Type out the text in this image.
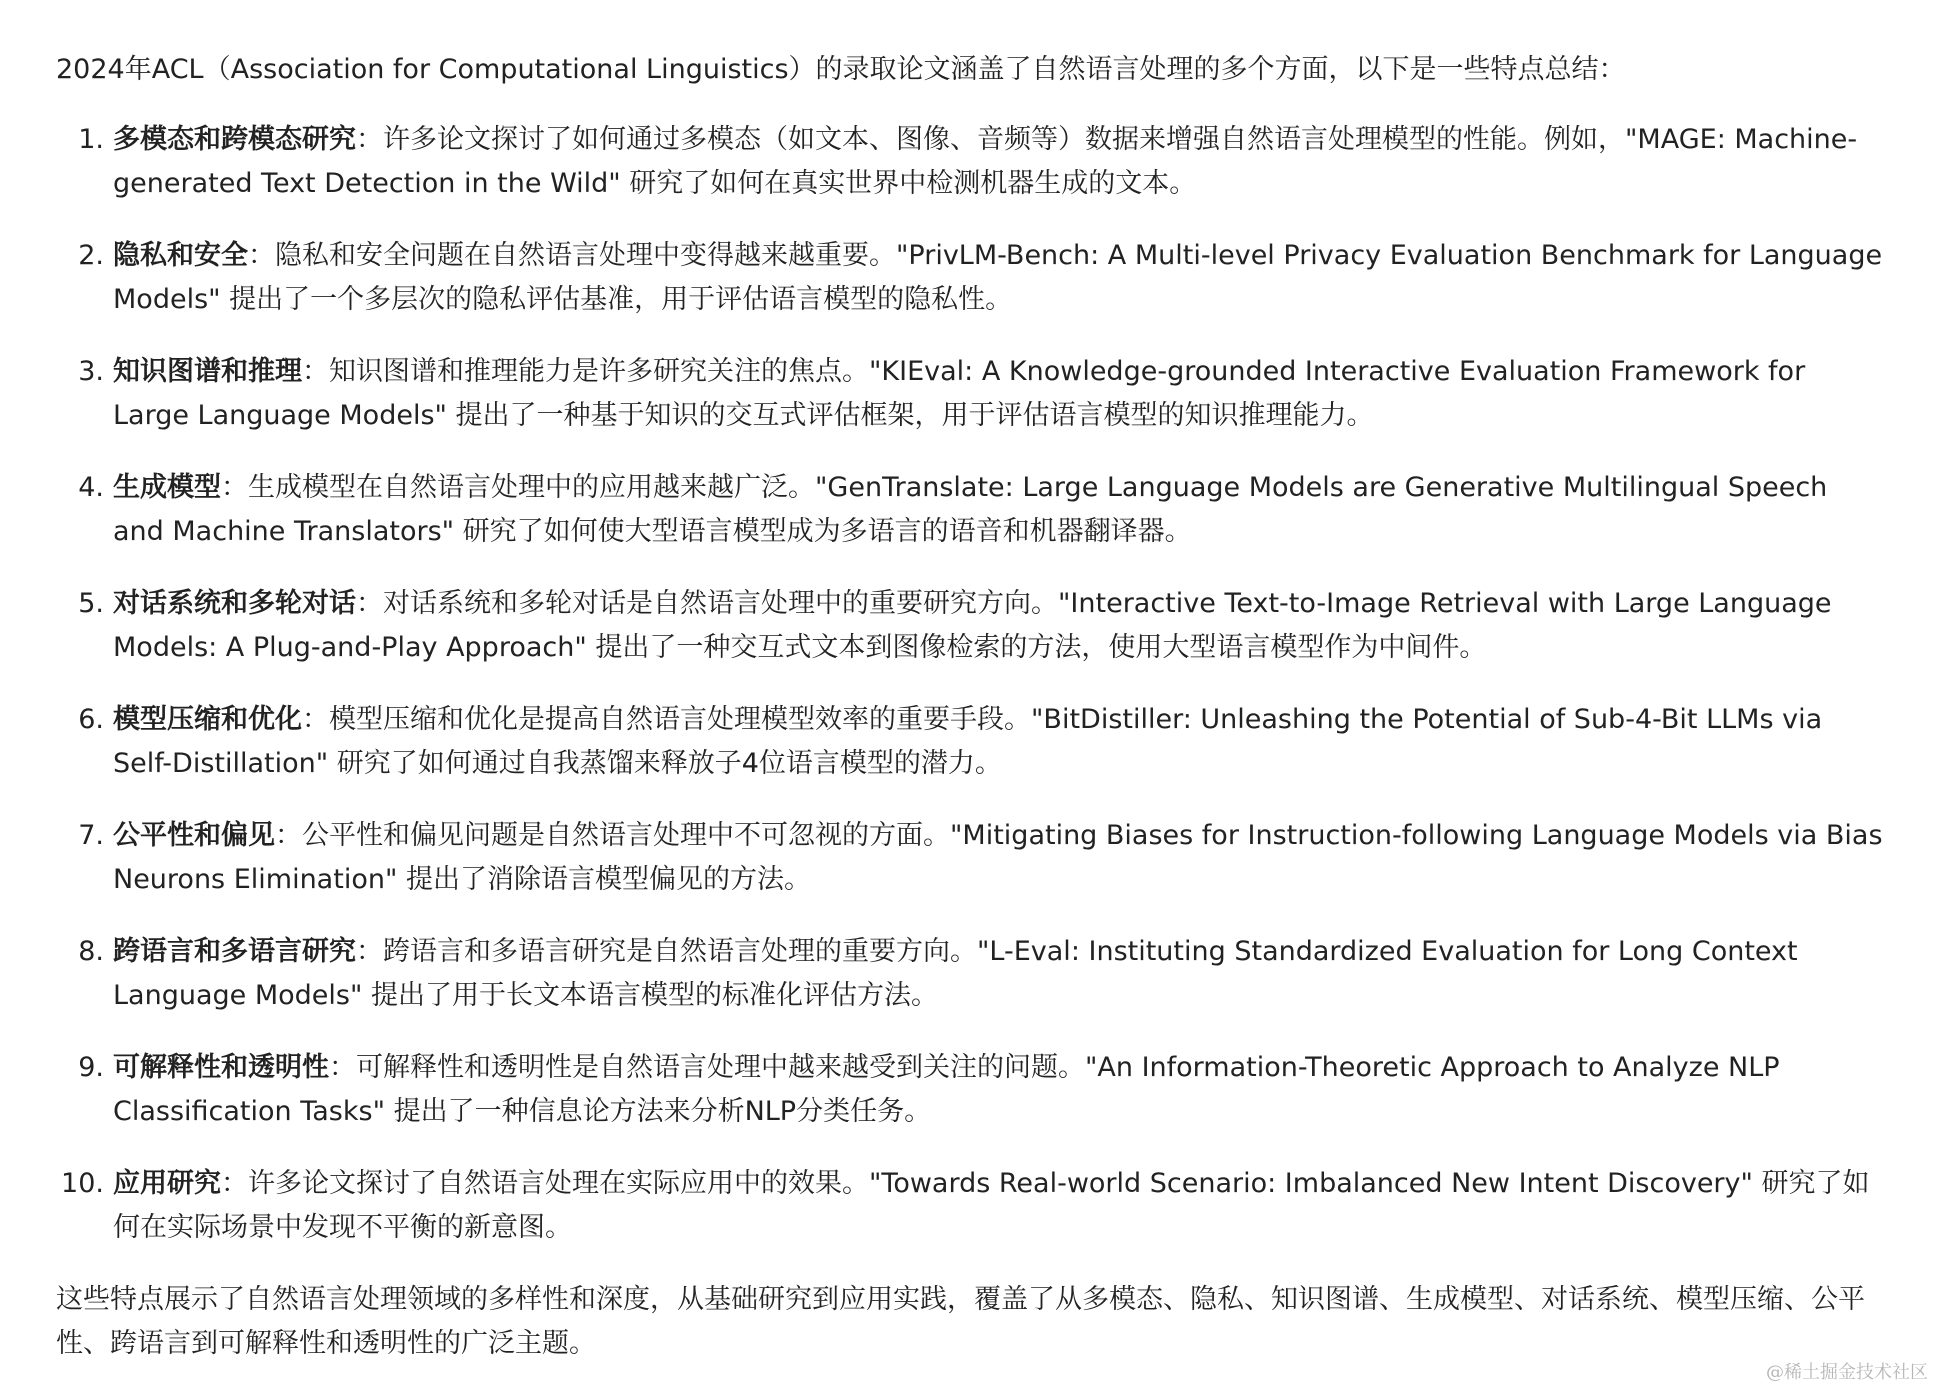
2024年ACL（Association for Computational Linguistics）的录取论文涵盖了自然语言处理的多个方面，以下是一些特点总结：

1. 多模态和跨模态研究：许多论文探讨了如何通过多模态（如文本、图像、音频等）数据来增强自然语言处理模型的性能。例如，"MAGE: Machine-generated Text Detection in the Wild" 研究了如何在真实世界中检测机器生成的文本。
2. 隐私和安全：隐私和安全问题在自然语言处理中变得越来越重要。"PrivLM-Bench: A Multi-level Privacy Evaluation Benchmark for Language Models" 提出了一个多层次的隐私评估基准，用于评估语言模型的隐私性。
3. 知识图谱和推理：知识图谱和推理能力是许多研究关注的焦点。"KIEval: A Knowledge-grounded Interactive Evaluation Framework for Large Language Models" 提出了一种基于知识的交互式评估框架，用于评估语言模型的知识推理能力。
4. 生成模型：生成模型在自然语言处理中的应用越来越广泛。"GenTranslate: Large Language Models are Generative Multilingual Speech and Machine Translators" 研究了如何使大型语言模型成为多语言的语音和机器翻译器。
5. 对话系统和多轮对话：对话系统和多轮对话是自然语言处理中的重要研究方向。"Interactive Text-to-Image Retrieval with Large Language Models: A Plug-and-Play Approach" 提出了一种交互式文本到图像检索的方法，使用大型语言模型作为中间件。
6. 模型压缩和优化：模型压缩和优化是提高自然语言处理模型效率的重要手段。"BitDistiller: Unleashing the Potential of Sub-4-Bit LLMs via Self-Distillation" 研究了如何通过自我蒸馏来释放子4位语言模型的潜力。
7. 公平性和偏见：公平性和偏见问题是自然语言处理中不可忽视的方面。"Mitigating Biases for Instruction-following Language Models via Bias Neurons Elimination" 提出了消除语言模型偏见的方法。
8. 跨语言和多语言研究：跨语言和多语言研究是自然语言处理的重要方向。"L-Eval: Instituting Standardized Evaluation for Long Context Language Models" 提出了用于长文本语言模型的标准化评估方法。
9. 可解释性和透明性：可解释性和透明性是自然语言处理中越来越受到关注的问题。"An Information-Theoretic Approach to Analyze NLP Classification Tasks" 提出了一种信息论方法来分析NLP分类任务。
10. 应用研究：许多论文探讨了自然语言处理在实际应用中的效果。"Towards Real-world Scenario: Imbalanced New Intent Discovery" 研究了如何在实际场景中发现不平衡的新意图。

这些特点展示了自然语言处理领域的多样性和深度，从基础研究到应用实践，覆盖了从多模态、隐私、知识图谱、生成模型、对话系统、模型压缩、公平性、跨语言到可解释性和透明性的广泛主题。

@稀土掘金技术社区
